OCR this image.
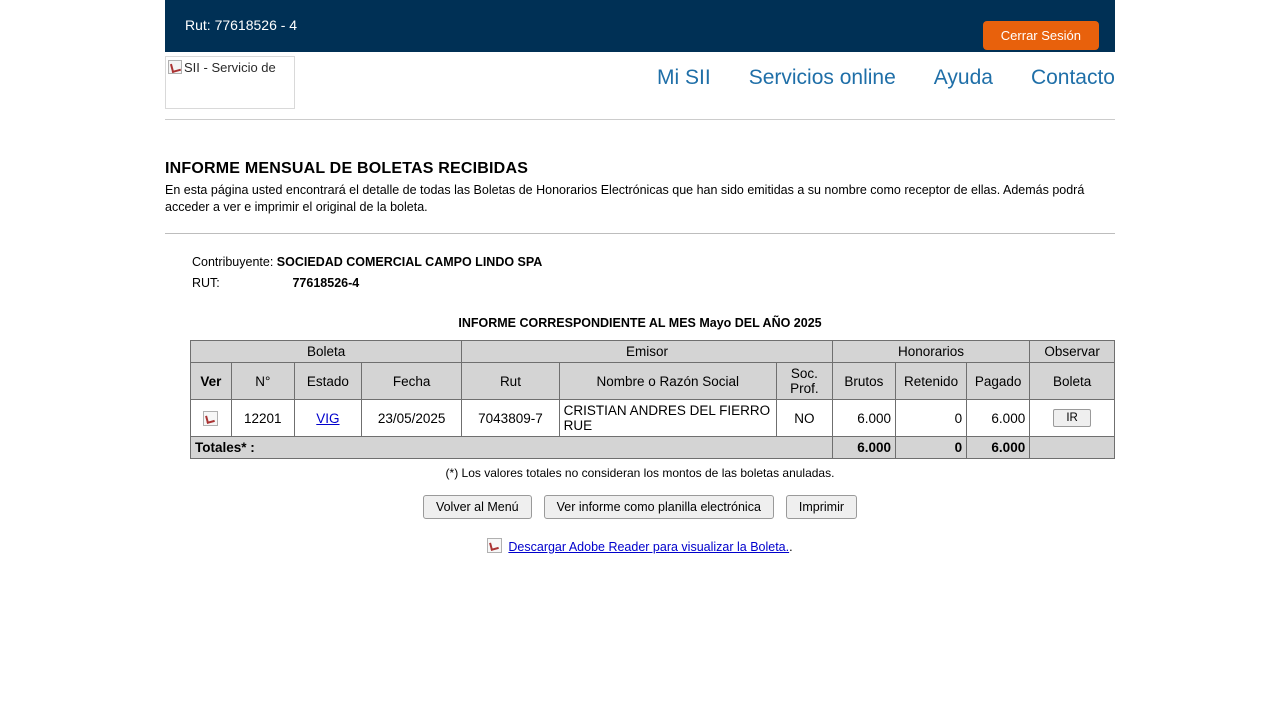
Rut: 77618526 - 4
Cerrar Sesión
SII - Servicio de	Mi SII Servicios online Ayuda Contacto
INFORME MENSUAL DE BOLETAS RECIBIDAS

En esta página usted encontrará el detalle de todas las Boletas de Honorarios Electrónicas que han sido emitidas a su nombre como receptor de ellas. Además podrá acceder a ver e imprimir el original de la boleta.

Contribuyente: SOCIEDAD COMERCIAL CAMPO LINDO SPA
RUT:	77618526-4
INFORME CORRESPONDIENTE AL MES Mayo DEL AÑO 2025
Boleta				Emisor			Honorarios			Observar
Ver	N°	Estado	Fecha	Rut	Nombre o Razón Social	Soc. Prof.	Brutos	Retenido	Pagado	Boleta
	12201	VIG	23/05/2025	7043809-7	CRISTIAN ANDRES DEL FIERRO RUE	NO	6.000	0	6.000	IR
Totales* :							6.000	0	6.000	
(*) Los valores totales no consideran los montos de las boletas anuladas.
Volver al Menú	Ver informe como planilla electrónica	Imprimir
Descargar Adobe Reader para visualizar la Boleta..
